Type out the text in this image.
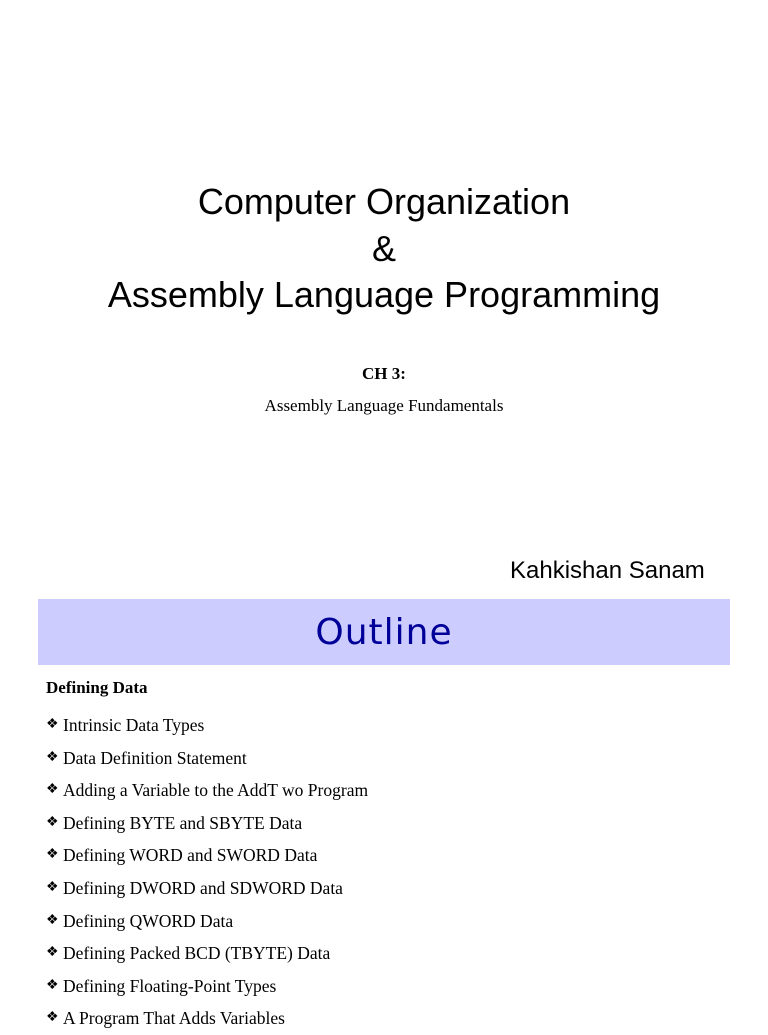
Computer Organization
&
Assembly Language Programming
CH 3:
Assembly Language Fundamentals
Kahkishan Sanam
Outline
Defining Data
❖ Intrinsic Data Types
❖ Data Definition Statement
❖ Adding a Variable to the AddT wo Program
❖ Defining BYTE and SBYTE Data
❖ Defining WORD and SWORD Data
❖ Defining DWORD and SDWORD Data
❖ Defining QWORD Data
❖ Defining Packed BCD (TBYTE) Data
❖ Defining Floating-Point Types
❖ A Program That Adds Variables
